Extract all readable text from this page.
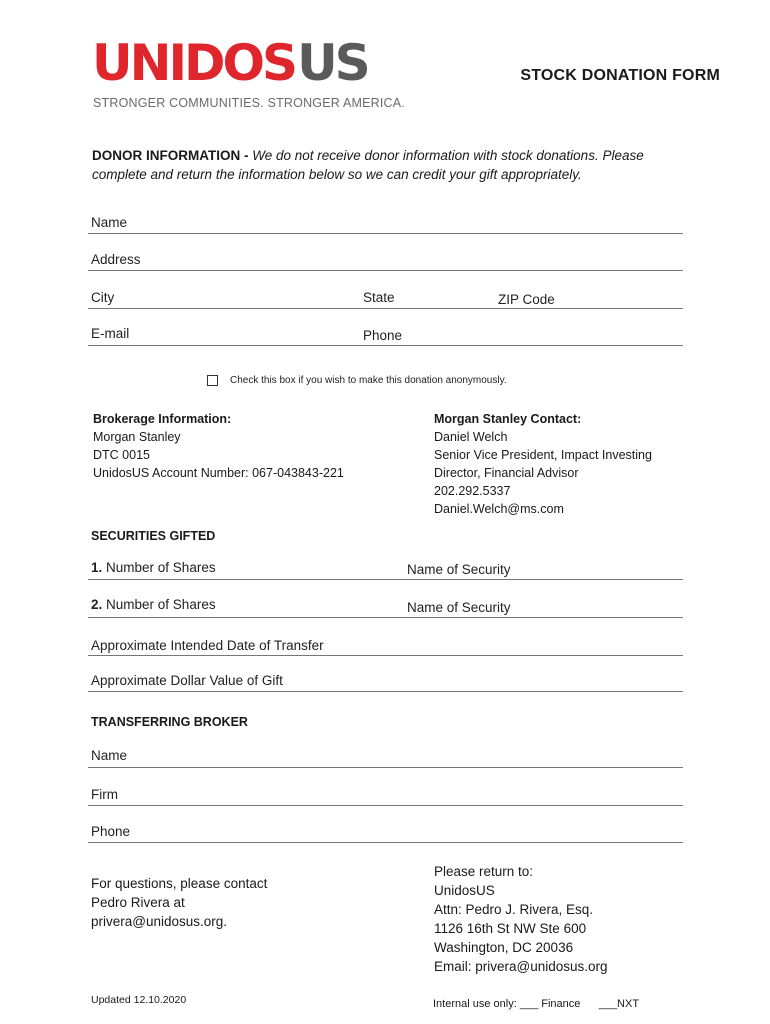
UNIDOS US
STRONGER COMMUNITIES. STRONGER AMERICA.
STOCK DONATION FORM
DONOR INFORMATION - We do not receive donor information with stock donations. Please complete and return the information below so we can credit your gift appropriately.
Name
Address
City	State	ZIP Code
E-mail	Phone
Check this box if you wish to make this donation anonymously.
Brokerage Information:
Morgan Stanley
DTC 0015
UnidosUS Account Number: 067-043843-221
Morgan Stanley Contact:
Daniel Welch
Senior Vice President, Impact Investing
Director, Financial Advisor
202.292.5337
Daniel.Welch@ms.com
SECURITIES GIFTED
1. Number of Shares	Name of Security
2. Number of Shares	Name of Security
Approximate Intended Date of Transfer
Approximate Dollar Value of Gift
TRANSFERRING BROKER
Name
Firm
Phone
For questions, please contact
Pedro Rivera at
privera@unidosus.org.
Please return to:
UnidosUS
Attn: Pedro J. Rivera, Esq.
1126 16th St NW Ste 600
Washington, DC 20036
Email: privera@unidosus.org
Updated 12.10.2020	Internal use only: ___ Finance      ___NXT
